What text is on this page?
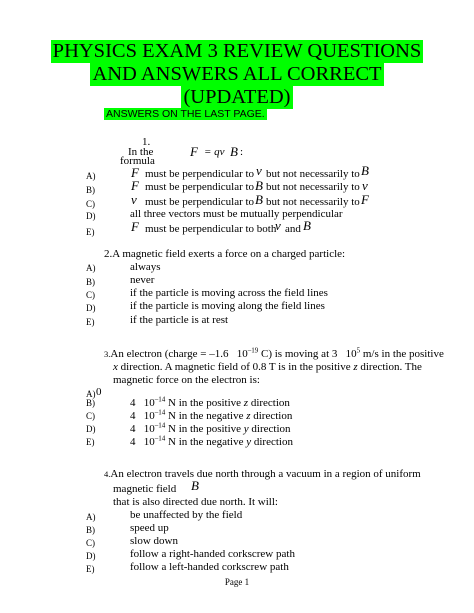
PHYSICS EXAM 3 REVIEW QUESTIONS
AND ANSWERS ALL CORRECT
(UPDATED)
ANSWERS ON THE LAST PAGE.
1.
In the
formula
F = qv B :
A)	F must be perpendicular to v but not necessarily to B
B)	F must be perpendicular to B but not necessarily to v
C)	v must be perpendicular to B but not necessarily to F
D)	all three vectors must be mutually perpendicular
E)	F must be perpendicular to both
v and B
2.A magnetic field exerts a force on a charged particle:
A)	always
B)	never
C)	if the particle is moving across the field lines
D)	if the particle is moving along the field lines
E)	if the particle is at rest
3.An electron (charge = –1.6 $10^{-19}$ C) is moving at 3 $10^5$ m/s in the positive
x direction. A magnetic field of 0.8 T is in the positive z direction. The
magnetic force on the electron is:
A) 0
B)	4 $10^{-14}$ N in the positive z direction
C)	4 $10^{-14}$ N in the negative z direction
D)	4 $10^{-14}$ N in the positive y direction
E)	4 $10^{-14}$ N in the negative y direction
4.An electron travels due north through a vacuum in a region of uniform
magnetic field B
that is also directed due north. It will:
A)	be unaffected by the field
B)	speed up
C)	slow down
D)	follow a right-handed corkscrew path
E)	follow a left-handed corkscrew path
Page 1
